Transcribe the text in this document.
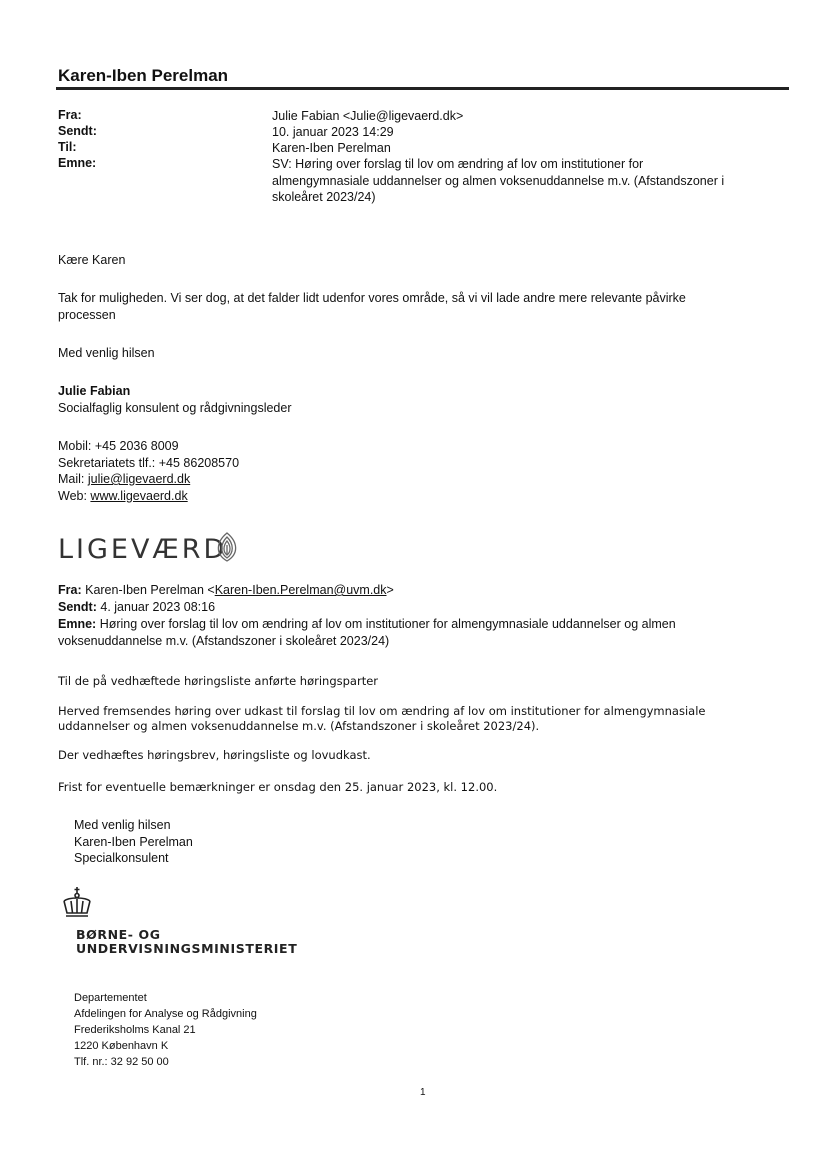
Karen-Iben Perelman
Fra:	Julie Fabian <Julie@ligevaerd.dk>
Sendt:	10. januar 2023 14:29
Til:	Karen-Iben Perelman
Emne:	SV: Høring over forslag til lov om ændring af lov om institutioner for
almengymnasiale uddannelser og almen voksenuddannelse m.v. (Afstandszoner i
skoleåret 2023/24)
Kære Karen
Tak for muligheden. Vi ser dog, at det falder lidt udenfor vores område, så vi vil lade andre mere relevante påvirke
processen
Med venlig hilsen
Julie Fabian
Socialfaglig konsulent og rådgivningsleder
Mobil: +45 2036 8009
Sekretariatets tlf.: +45 86208570
Mail: julie@ligevaerd.dk
Web: www.ligevaerd.dk
LIGEVÆRD
Fra: Karen-Iben Perelman <Karen-Iben.Perelman@uvm.dk>
Sendt: 4. januar 2023 08:16
Emne: Høring over forslag til lov om ændring af lov om institutioner for almengymnasiale uddannelser og almen
voksenuddannelse m.v. (Afstandszoner i skoleåret 2023/24)
Til de på vedhæftede høringsliste anførte høringsparter
Herved fremsendes høring over udkast til forslag til lov om ændring af lov om institutioner for almengymnasiale
uddannelser og almen voksenuddannelse m.v. (Afstandszoner i skoleåret 2023/24).
Der vedhæftes høringsbrev, høringsliste og lovudkast.
Frist for eventuelle bemærkninger er onsdag den 25. januar 2023, kl. 12.00.
Med venlig hilsen
Karen-Iben Perelman
Specialkonsulent
BØRNE- OG
UNDERVISNINGSMINISTERIET
Departementet
Afdelingen for Analyse og Rådgivning
Frederiksholms Kanal 21
1220 København K
Tlf. nr.: 32 92 50 00
1
